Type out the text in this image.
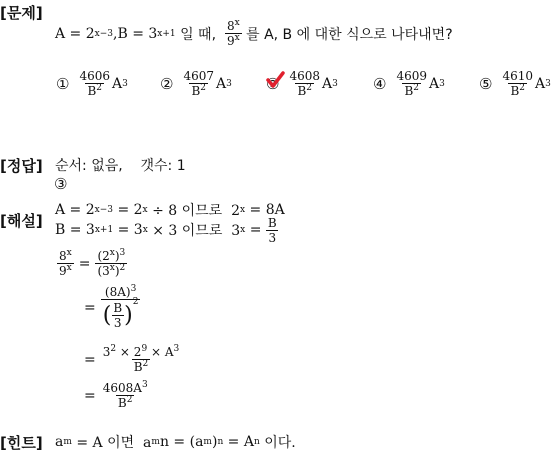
[문제]
A = 2 x−3 , B = 3 x+1 일 때, $\frac{8^x}{9^x}$ 를 A, B 에 대한 식으로 나타내면?
① $\frac{4606}{B^2}$ A 3 ② $\frac{4607}{B^2}$ A 3 ③ $\frac{4608}{B^2}$ A 3 ④ $\frac{4609}{B^2}$ A 3 ⑤ $\frac{4610}{B^2}$ A 3
[정답] 순서: 없음,    갯수: 1
③
[해설]
A = 2 x−3 = 2 x ÷ 8 이므로  2 x = 8A
B = 3 x+1 = 3 x × 3 이므로  3 $x = \frac{B}{3}$
$\frac{8^x}{9^x} = \frac{(2^x)^3}{(3^x)^2}$
= $(8A)^3$
( $\frac{B}{3}$ )
2
= $\frac{3^2 \times 2^9 \times A^3}{B^2}$
= $\frac{4608A^3}{B^2}$
[힌트] a m = A 이면  a m n = (a m ) n = A n 이다.
